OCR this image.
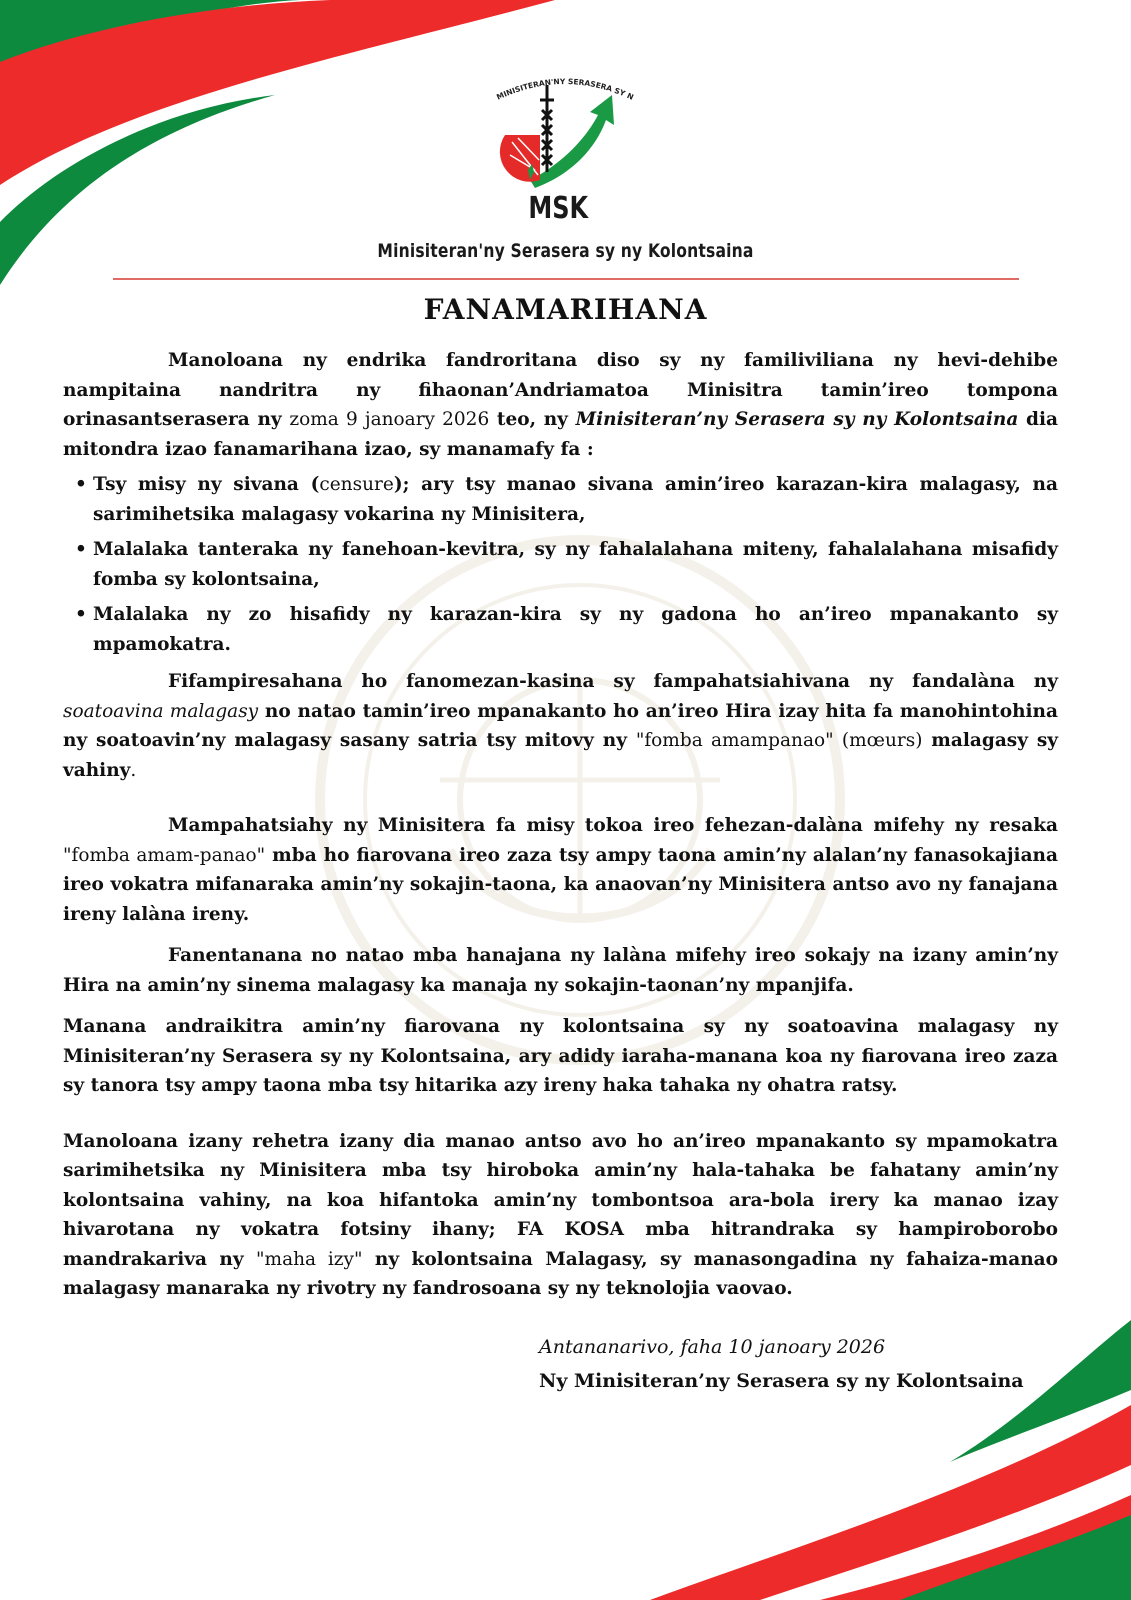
MINISITERAN'NY SERASERA SY N
MSK
Minisiteran'ny Serasera sy ny Kolontsaina
FANAMARIHANA

Manoloana ny endrika fandroritana diso sy ny familiviliana ny hevi-dehibe nampitaina nandritra ny fihaonan’Andriamatoa Minisitra tamin’ireo tompona orinasantserasera ny zoma 9 janoary 2026 teo, ny Minisiteran’ny Serasera sy ny Kolontsaina dia mitondra izao fanamarihana izao, sy manamafy fa :

• Tsy misy ny sivana (censure); ary tsy manao sivana amin’ireo karazan-kira malagasy, na sarimihetsika malagasy vokarina ny Minisitera,
• Malalaka tanteraka ny fanehoan-kevitra, sy ny fahalalahana miteny, fahalalahana misafidy fomba sy kolontsaina,
• Malalaka ny zo hisafidy ny karazan-kira sy ny gadona ho an’ireo mpanakanto sy mpamokatra.

Fifampiresahana ho fanomezan-kasina sy fampahatsiahivana ny fandalàna ny soatoavina malagasy no natao tamin’ireo mpanakanto ho an’ireo Hira izay hita fa manohintohina ny soatoavin’ny malagasy sasany satria tsy mitovy ny "fomba amampanao" (mœurs) malagasy sy vahiny.

Mampahatsiahy ny Minisitera fa misy tokoa ireo fehezan-dalàna mifehy ny resaka "fomba amam-panao" mba ho fiarovana ireo zaza tsy ampy taona amin’ny alalan’ny fanasokajiana ireo vokatra mifanaraka amin’ny sokajin-taona, ka anaovan’ny Minisitera antso avo ny fanajana ireny lalàna ireny.

Fanentanana no natao mba hanajana ny lalàna mifehy ireo sokajy na izany amin’ny Hira na amin’ny sinema malagasy ka manaja ny sokajin-taonan’ny mpanjifa.

Manana andraikitra amin’ny fiarovana ny kolontsaina sy ny soatoavina malagasy ny Minisiteran’ny Serasera sy ny Kolontsaina, ary adidy iaraha-manana koa ny fiarovana ireo zaza sy tanora tsy ampy taona mba tsy hitarika azy ireny haka tahaka ny ohatra ratsy.

Manoloana izany rehetra izany dia manao antso avo ho an’ireo mpanakanto sy mpamokatra sarimihetsika ny Minisitera mba tsy hiroboka amin’ny hala-tahaka be fahatany amin’ny kolontsaina vahiny, na koa hifantoka amin’ny tombontsoa ara-bola irery ka manao izay hivarotana ny vokatra fotsiny ihany; FA KOSA mba hitrandraka sy hampiroborobo mandrakariva ny "maha izy" ny kolontsaina Malagasy, sy manasongadina ny fahaiza-manao malagasy manaraka ny rivotry ny fandrosoana sy ny teknolojia vaovao.

Antananarivo, faha 10 janoary 2026
Ny Minisiteran’ny Serasera sy ny Kolontsaina
